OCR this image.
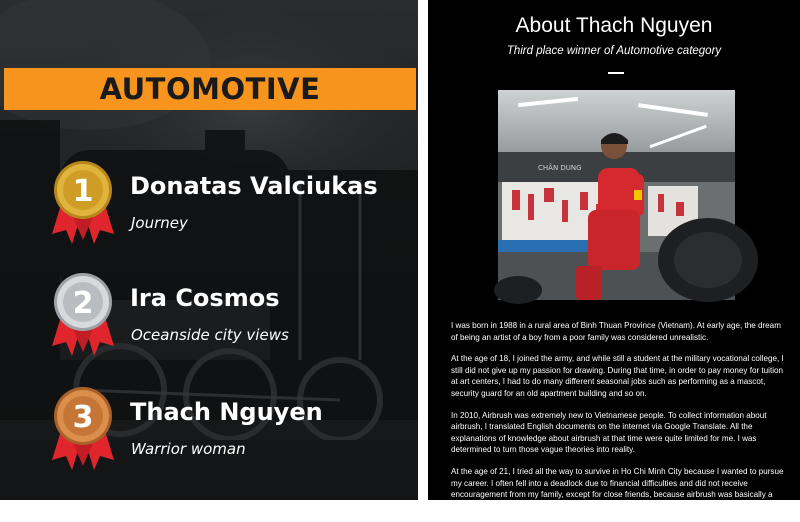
AUTOMOTIVE
1 Donatas Valciukas
Journey
2 Ira Cosmos
Oceanside city views
3 Thach Nguyen
Warrior woman
About Thach Nguyen
Third place winner of Automotive category
CHÂN DUNG

I was born in 1988 in a rural area of Binh Thuan Province (Vietnam). At early age, the dream of being an artist of a boy from a poor family was considered unrealistic.

At the age of 18, I joined the army, and while still a student at the military vocational college, I still did not give up my passion for drawing. During that time, in order to pay money for tuition at art centers, I had to do many different seasonal jobs such as performing as a mascot, security guard for an old apartment building and so on.

In 2010, Airbrush was extremely new to Vietnamese people. To collect information about airbrush, I translated English documents on the internet via Google Translate. All the explanations of knowledge about airbrush at that time were quite limited for me. I was determined to turn those vague theories into reality.

At the age of 21, I tried all the way to survive in Ho Chi Minh City because I wanted to pursue my career. I often fell into a deadlock due to financial difficulties and did not receive encouragement from my family, except for close friends, because airbrush was basically a new concept to the majority.
